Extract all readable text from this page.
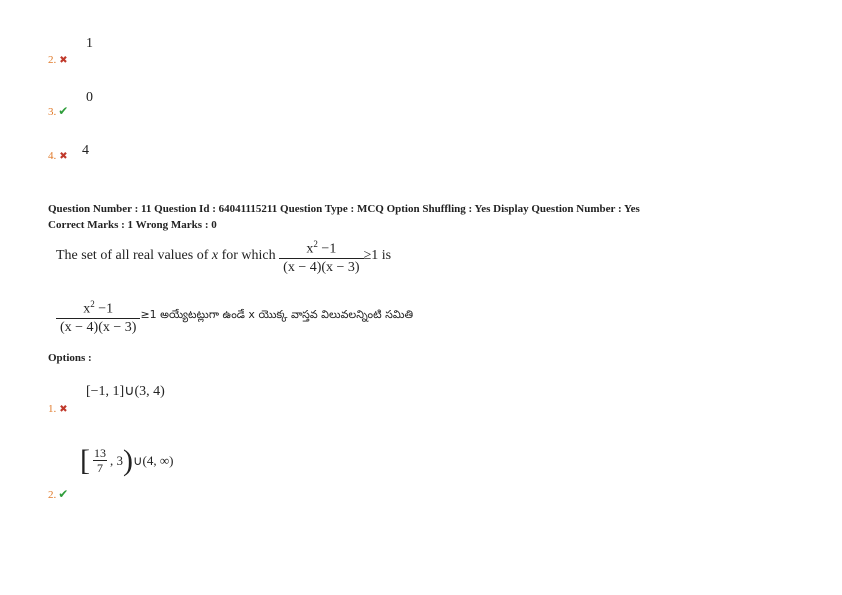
1
2. ✖
0
3. ✔
4
4. ✖
Question Number : 11 Question Id : 64041115211 Question Type : MCQ Option Shuffling : Yes Display Question Number : Yes
Correct Marks : 1 Wrong Marks : 0
The set of all real values of x for which $\frac{x^2 -1}{(x - 4)(x - 3)} \ge 1$ is
$\frac{x^2 -1}{(x - 4)(x - 3)} \ge 1$ అయ్యేటట్లుగా ఉండే x యొక్క వాస్తవ విలువలన్నింటి సమితి
Options :
[−1, 1]∪(3, 4)
1. ✖
[ $\frac{13}{7}$ , 3)∪(4, ∞)
2. ✔
